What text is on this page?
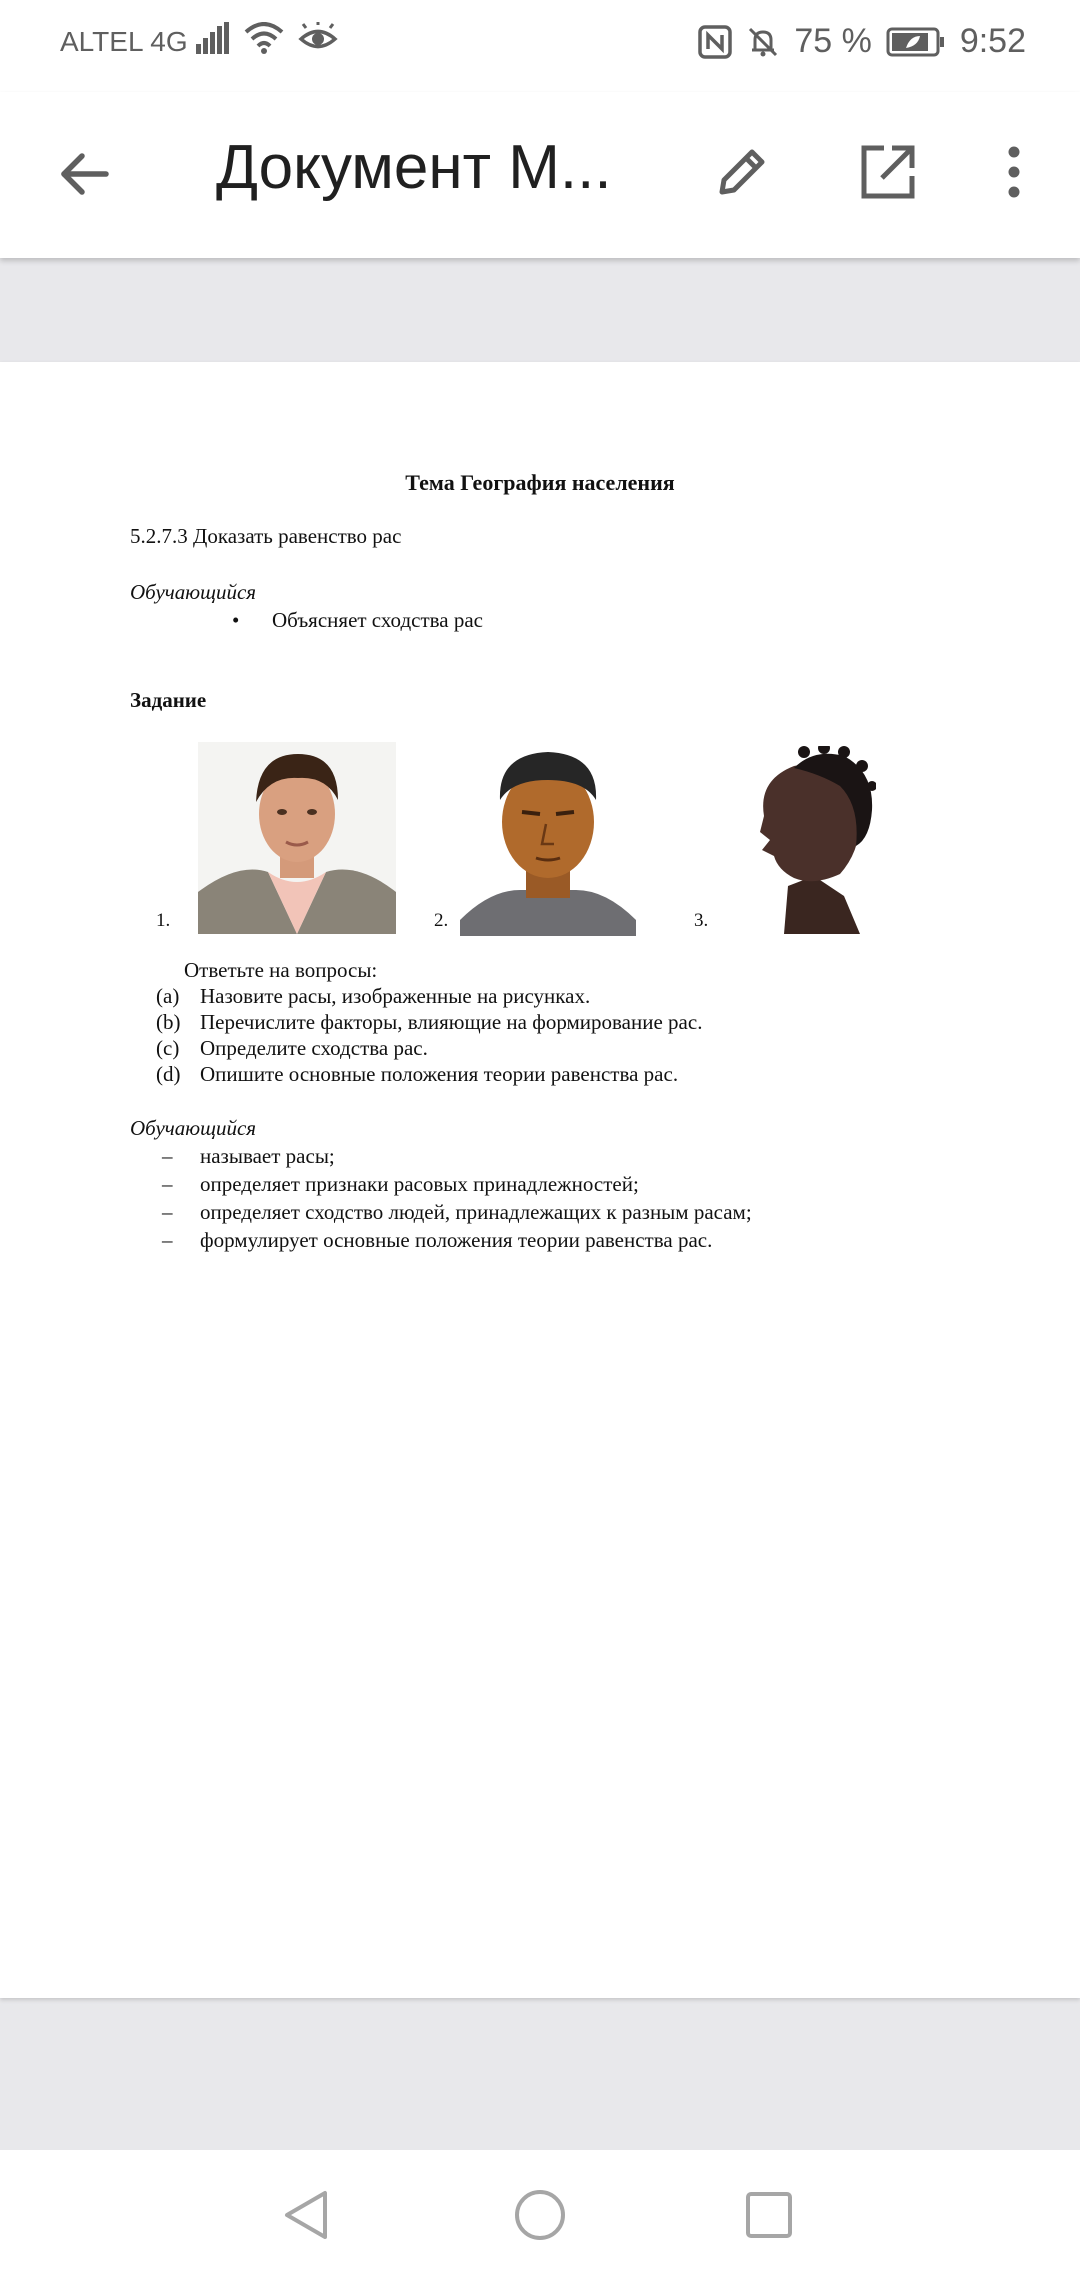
ALTEL 4G	75 %	9:52
Документ M...
Тема География населения
5.2.7.3 Доказать равенство рас
Обучающийся
• Объясняет сходства рас
Задание
1.	2.	3.
Ответьте на вопросы:
(a) Назовите расы, изображенные на рисунках.
(b) Перечислите факторы, влияющие на формирование рас.
(c) Определите сходства рас.
(d) Опишите основные положения теории равенства рас.
Обучающийся
– называет расы;
– определяет признаки расовых принадлежностей;
– определяет сходство людей, принадлежащих к разным расам;
– формулирует основные положения теории равенства рас.
